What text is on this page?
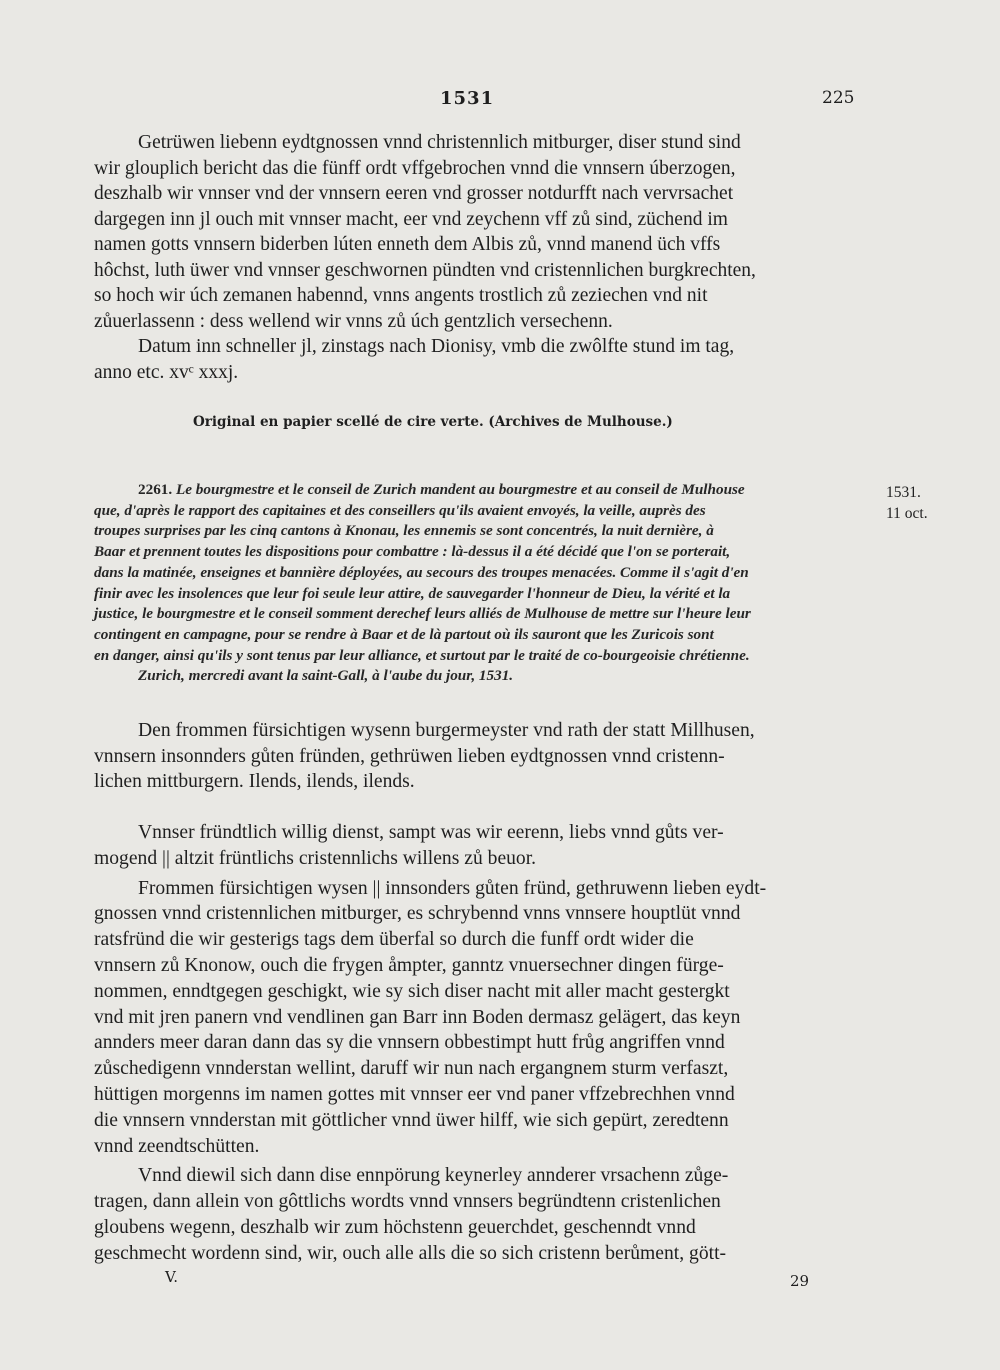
1531	225
Getrüwen liebenn eydtgnossen vnnd christennlich mitburger, diser stund sind
wir glouplich bericht das die fünff ordt vffgebrochen vnnd die vnnsern úberzogen,
deszhalb wir vnnser vnd der vnnsern eeren vnd grosser notdurfft nach vervrsachet
dargegen inn jl ouch mit vnnser macht, eer vnd zeychenn vff zů sind, züchend im
namen gotts vnnsern biderben lúten enneth dem Albis zů, vnnd manend üch vffs
hôchst, luth üwer vnd vnnser geschwornen pündten vnd cristennlichen burgkrechten,
so hoch wir úch zemanen habennd, vnns angents trostlich zů zeziechen vnd nit
zůuerlassenn : dess wellend wir vnns zů úch gentzlich versechenn.
Datum inn schneller jl, zinstags nach Dionisy, vmb die zwôlfte stund im tag,
anno etc. xvᶜ xxxj.
Original en papier scellé de cire verte. (Archives de Mulhouse.)
2261. Le bourgmestre et le conseil de Zurich mandent au bourgmestre et au conseil de Mulhouse
que, d'après le rapport des capitaines et des conseillers qu'ils avaient envoyés, la veille, auprès des
troupes surprises par les cinq cantons à Knonau, les ennemis se sont concentrés, la nuit dernière, à
Baar et prennent toutes les dispositions pour combattre : là-dessus il a été décidé que l'on se porterait,
dans la matinée, enseignes et bannière déployées, au secours des troupes menacées. Comme il s'agit d'en
finir avec les insolences que leur foi seule leur attire, de sauvegarder l'honneur de Dieu, la vérité et la
justice, le bourgmestre et le conseil somment derechef leurs alliés de Mulhouse de mettre sur l'heure leur
contingent en campagne, pour se rendre à Baar et de là partout où ils sauront que les Zuricois sont
en danger, ainsi qu'ils y sont tenus par leur alliance, et surtout par le traité de co-bourgeoisie chrétienne.
Zurich, mercredi avant la saint-Gall, à l'aube du jour, 1531.
1531.
11 oct.
Den frommen fürsichtigen wysenn burgermeyster vnd rath der statt Millhusen,
vnnsern insonnders gůten fründen, gethrüwen lieben eydtgnossen vnnd cristenn-
lichen mittburgern. Ilends, ilends, ilends.
Vnnser fründtlich willig dienst, sampt was wir eerenn, liebs vnnd gůts ver-
mogend || altzit früntlichs cristennlichs willens zů beuor.
Frommen fürsichtigen wysen || innsonders gůten fründ, gethruwenn lieben eydt-
gnossen vnnd cristennlichen mitburger, es schrybennd vnns vnnsere houptlüt vnnd
ratsfründ die wir gesterigs tags dem überfal so durch die funff ordt wider die
vnnsern zů Knonow, ouch die frygen åmpter, ganntz vnuersechner dingen fürge-
nommen, enndtgegen geschigkt, wie sy sich diser nacht mit aller macht gestergkt
vnd mit jren panern vnd vendlinen gan Barr inn Boden dermasz gelägert, das keyn
annders meer daran dann das sy die vnnsern obbestimpt hutt frůg angriffen vnnd
zůschedigenn vnnderstan wellint, daruff wir nun nach ergangnem sturm verfaszt,
hüttigen morgenns im namen gottes mit vnnser eer vnd paner vffzebrechhen vnnd
die vnnsern vnnderstan mit göttlicher vnnd üwer hilff, wie sich gepürt, zeredtenn
vnnd zeendtschütten.
Vnnd diewil sich dann dise ennpörung keynerley annderer vrsachenn zůge-
tragen, dann allein von gôttlichs wordts vnnd vnnsers begründtenn cristenlichen
gloubens wegenn, deszhalb wir zum höchstenn geuerchdet, geschenndt vnnd
geschmecht wordenn sind, wir, ouch alle alls die so sich cristenn berůment, gött-
V.	29
